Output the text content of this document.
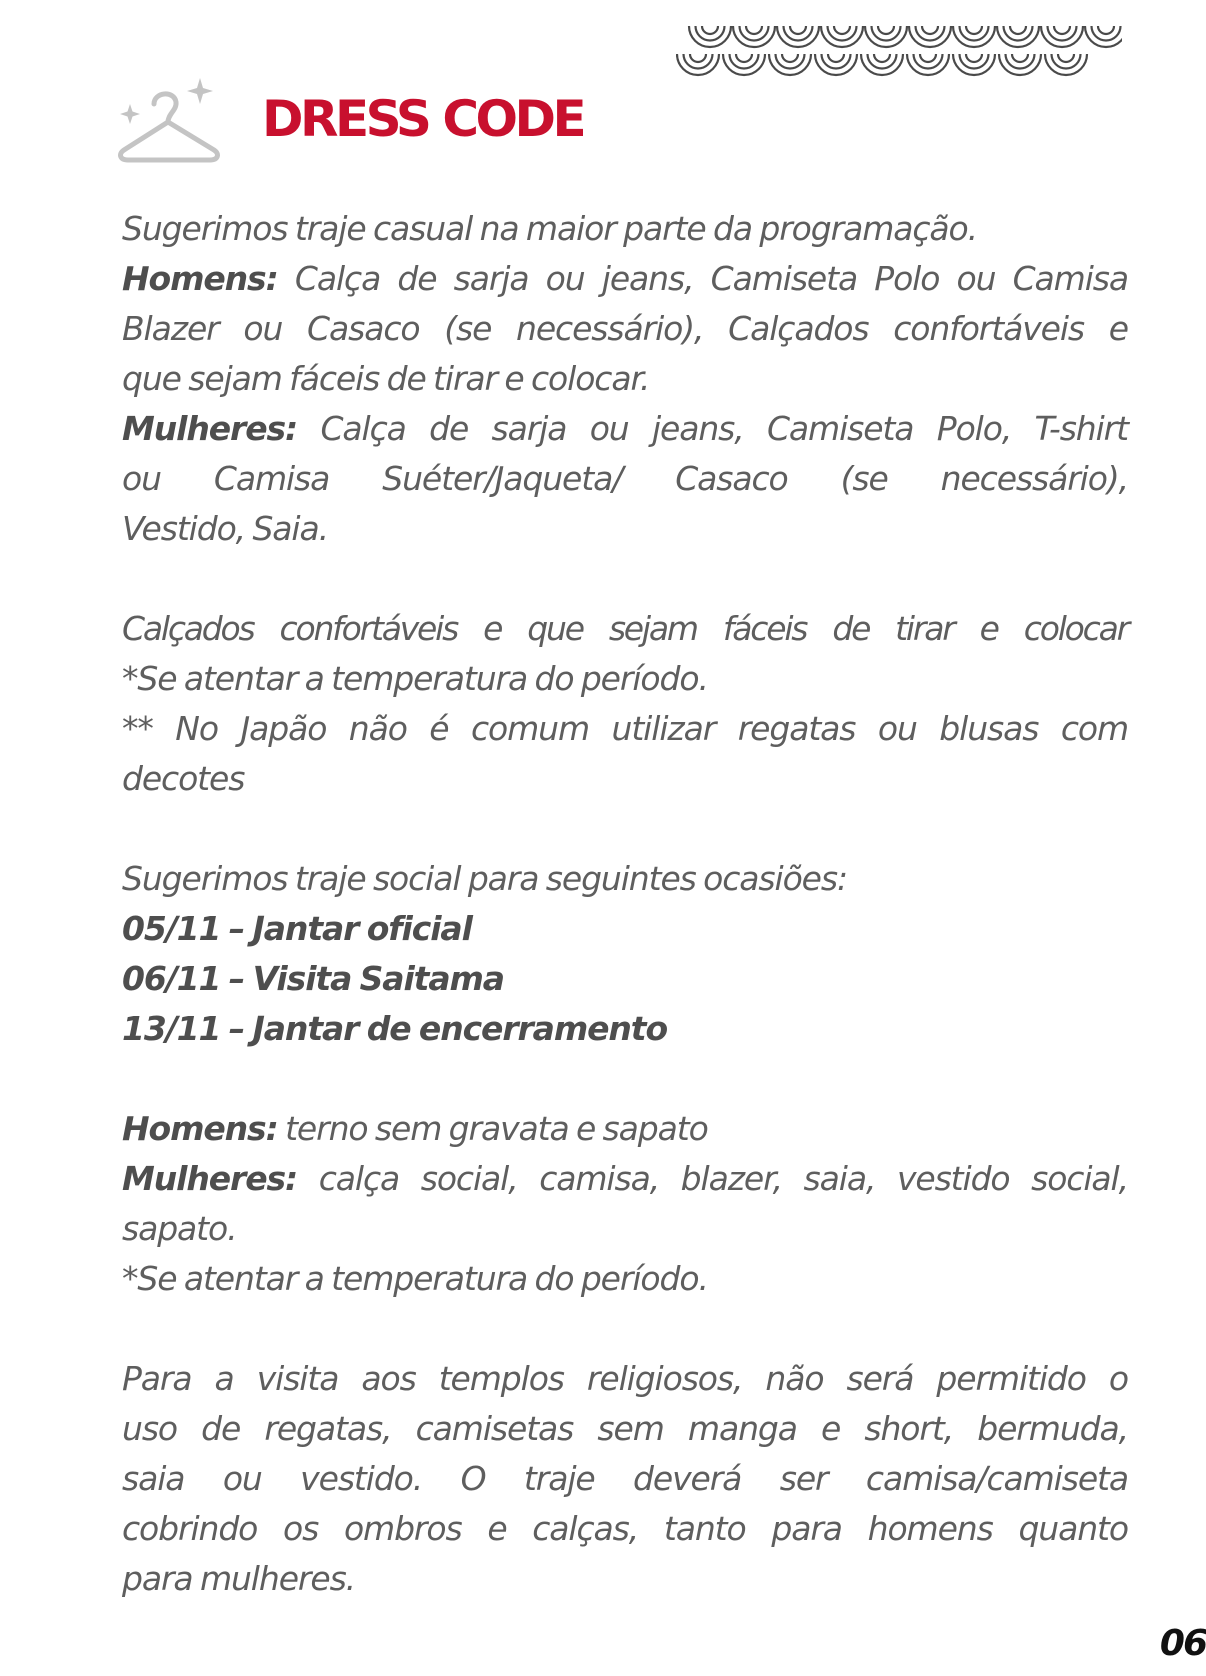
DRESS CODE

Sugerimos traje casual na maior parte da programação.

Homens: Calça de sarja ou jeans, Camiseta Polo ou Camisa

Blazer ou Casaco (se necessário), Calçados confortáveis e

que sejam fáceis de tirar e colocar.

Mulheres: Calça de sarja ou jeans, Camiseta Polo, T-shirt

ou Camisa Suéter/Jaqueta/ Casaco (se necessário),

Vestido, Saia.

Calçados confortáveis e que sejam fáceis de tirar e colocar

*Se atentar a temperatura do período.

** No Japão não é comum utilizar regatas ou blusas com

decotes

Sugerimos traje social para seguintes ocasiões:

05/11 – Jantar oficial

06/11 – Visita Saitama

13/11 – Jantar de encerramento

Homens: terno sem gravata e sapato

Mulheres: calça social, camisa, blazer, saia, vestido social,

sapato.

*Se atentar a temperatura do período.

Para a visita aos templos religiosos, não será permitido o

uso de regatas, camisetas sem manga e short, bermuda,

saia ou vestido. O traje deverá ser camisa/camiseta

cobrindo os ombros e calças, tanto para homens quanto

para mulheres.

06
